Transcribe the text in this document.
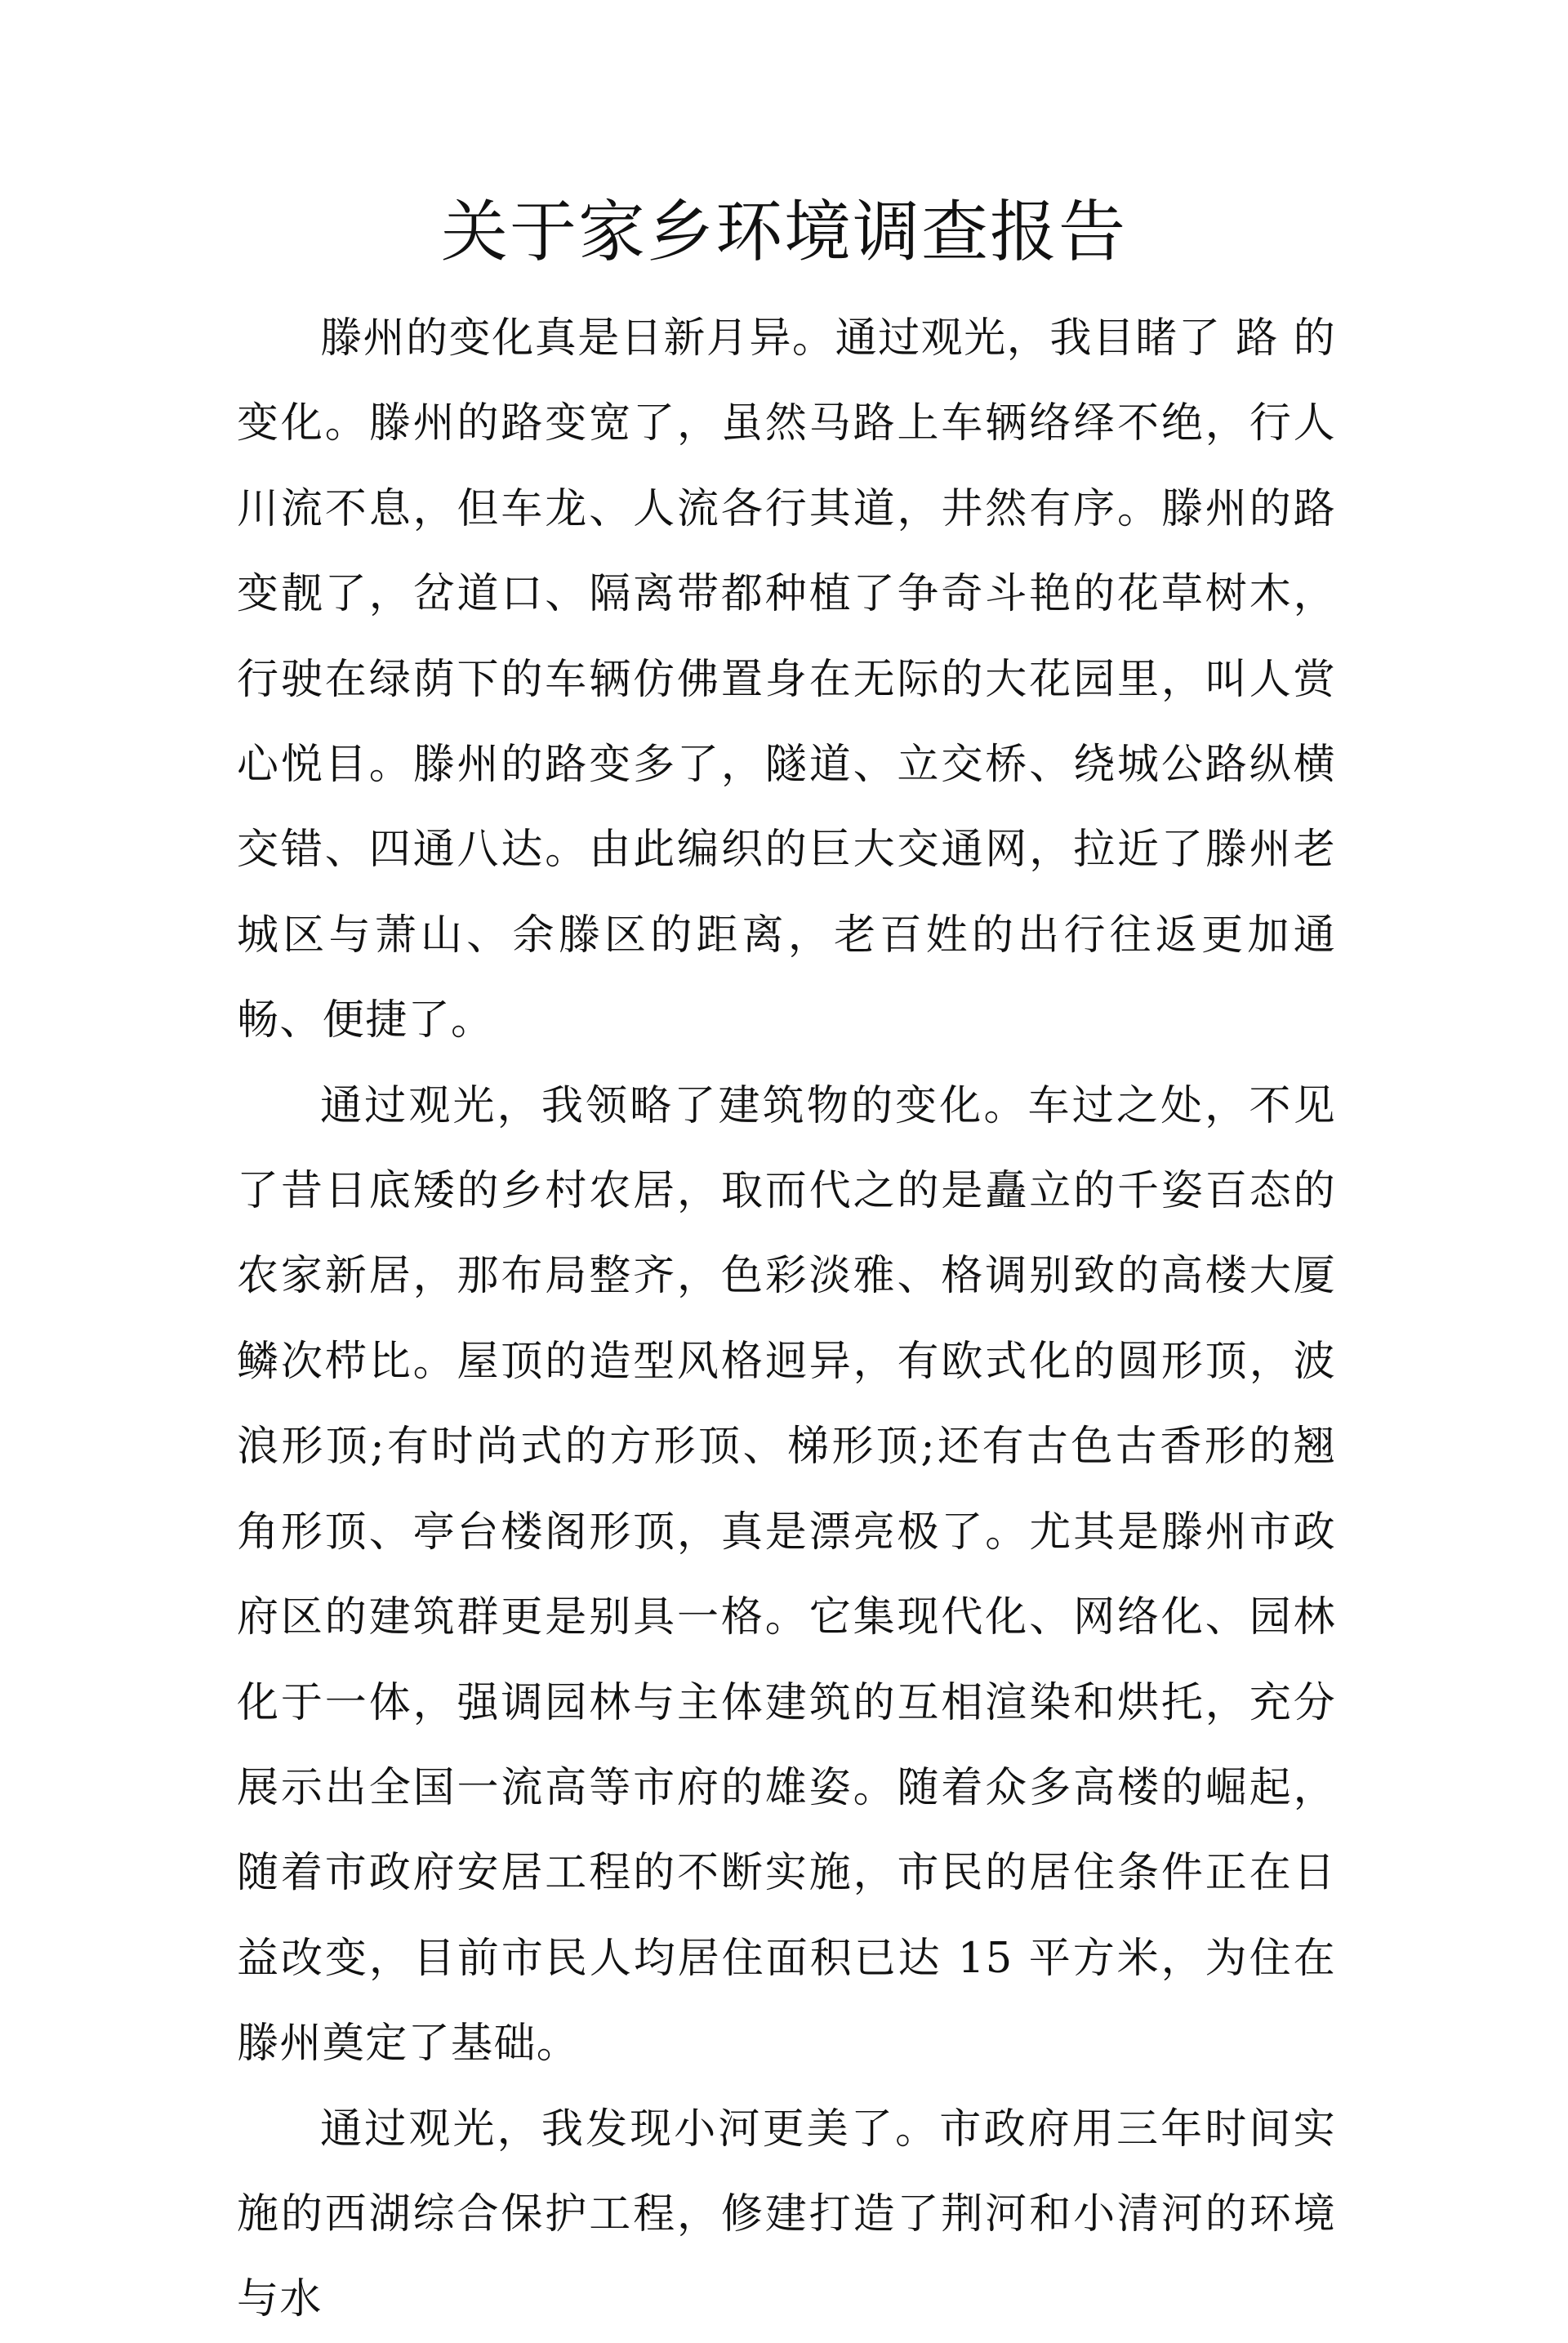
关于家乡环境调查报告

滕州的变化真是日新月异。通过观光，我目睹了 路 的变化。滕州的路变宽了，虽然马路上车辆络绎不绝，行人川流不息，但车龙、人流各行其道，井然有序。滕州的路变靓了，岔道口、隔离带都种植了争奇斗艳的花草树木，行驶在绿荫下的车辆仿佛置身在无际的大花园里，叫人赏心悦目。滕州的路变多了，隧道、立交桥、绕城公路纵横交错、四通八达。由此编织的巨大交通网，拉近了滕州老城区与萧山、余滕区的距离，老百姓的出行往返更加通畅、便捷了。

通过观光，我领略了建筑物的变化。车过之处，不见了昔日底矮的乡村农居，取而代之的是矗立的千姿百态的农家新居，那布局整齐，色彩淡雅、格调别致的高楼大厦鳞次栉比。屋顶的造型风格迥异，有欧式化的圆形顶，波浪形顶;有时尚式的方形顶、梯形顶;还有古色古香形的翘角形顶、亭台楼阁形顶，真是漂亮极了。尤其是滕州市政府区的建筑群更是别具一格。它集现代化、网络化、园林化于一体，强调园林与主体建筑的互相渲染和烘托，充分展示出全国一流高等市府的雄姿。随着众多高楼的崛起，随着市政府安居工程的不断实施，市民的居住条件正在日益改变，目前市民人均居住面积已达 15 平方米，为住在滕州奠定了基础。

通过观光，我发现小河更美了。市政府用三年时间实施的西湖综合保护工程，修建打造了荆河和小清河的环境与水
